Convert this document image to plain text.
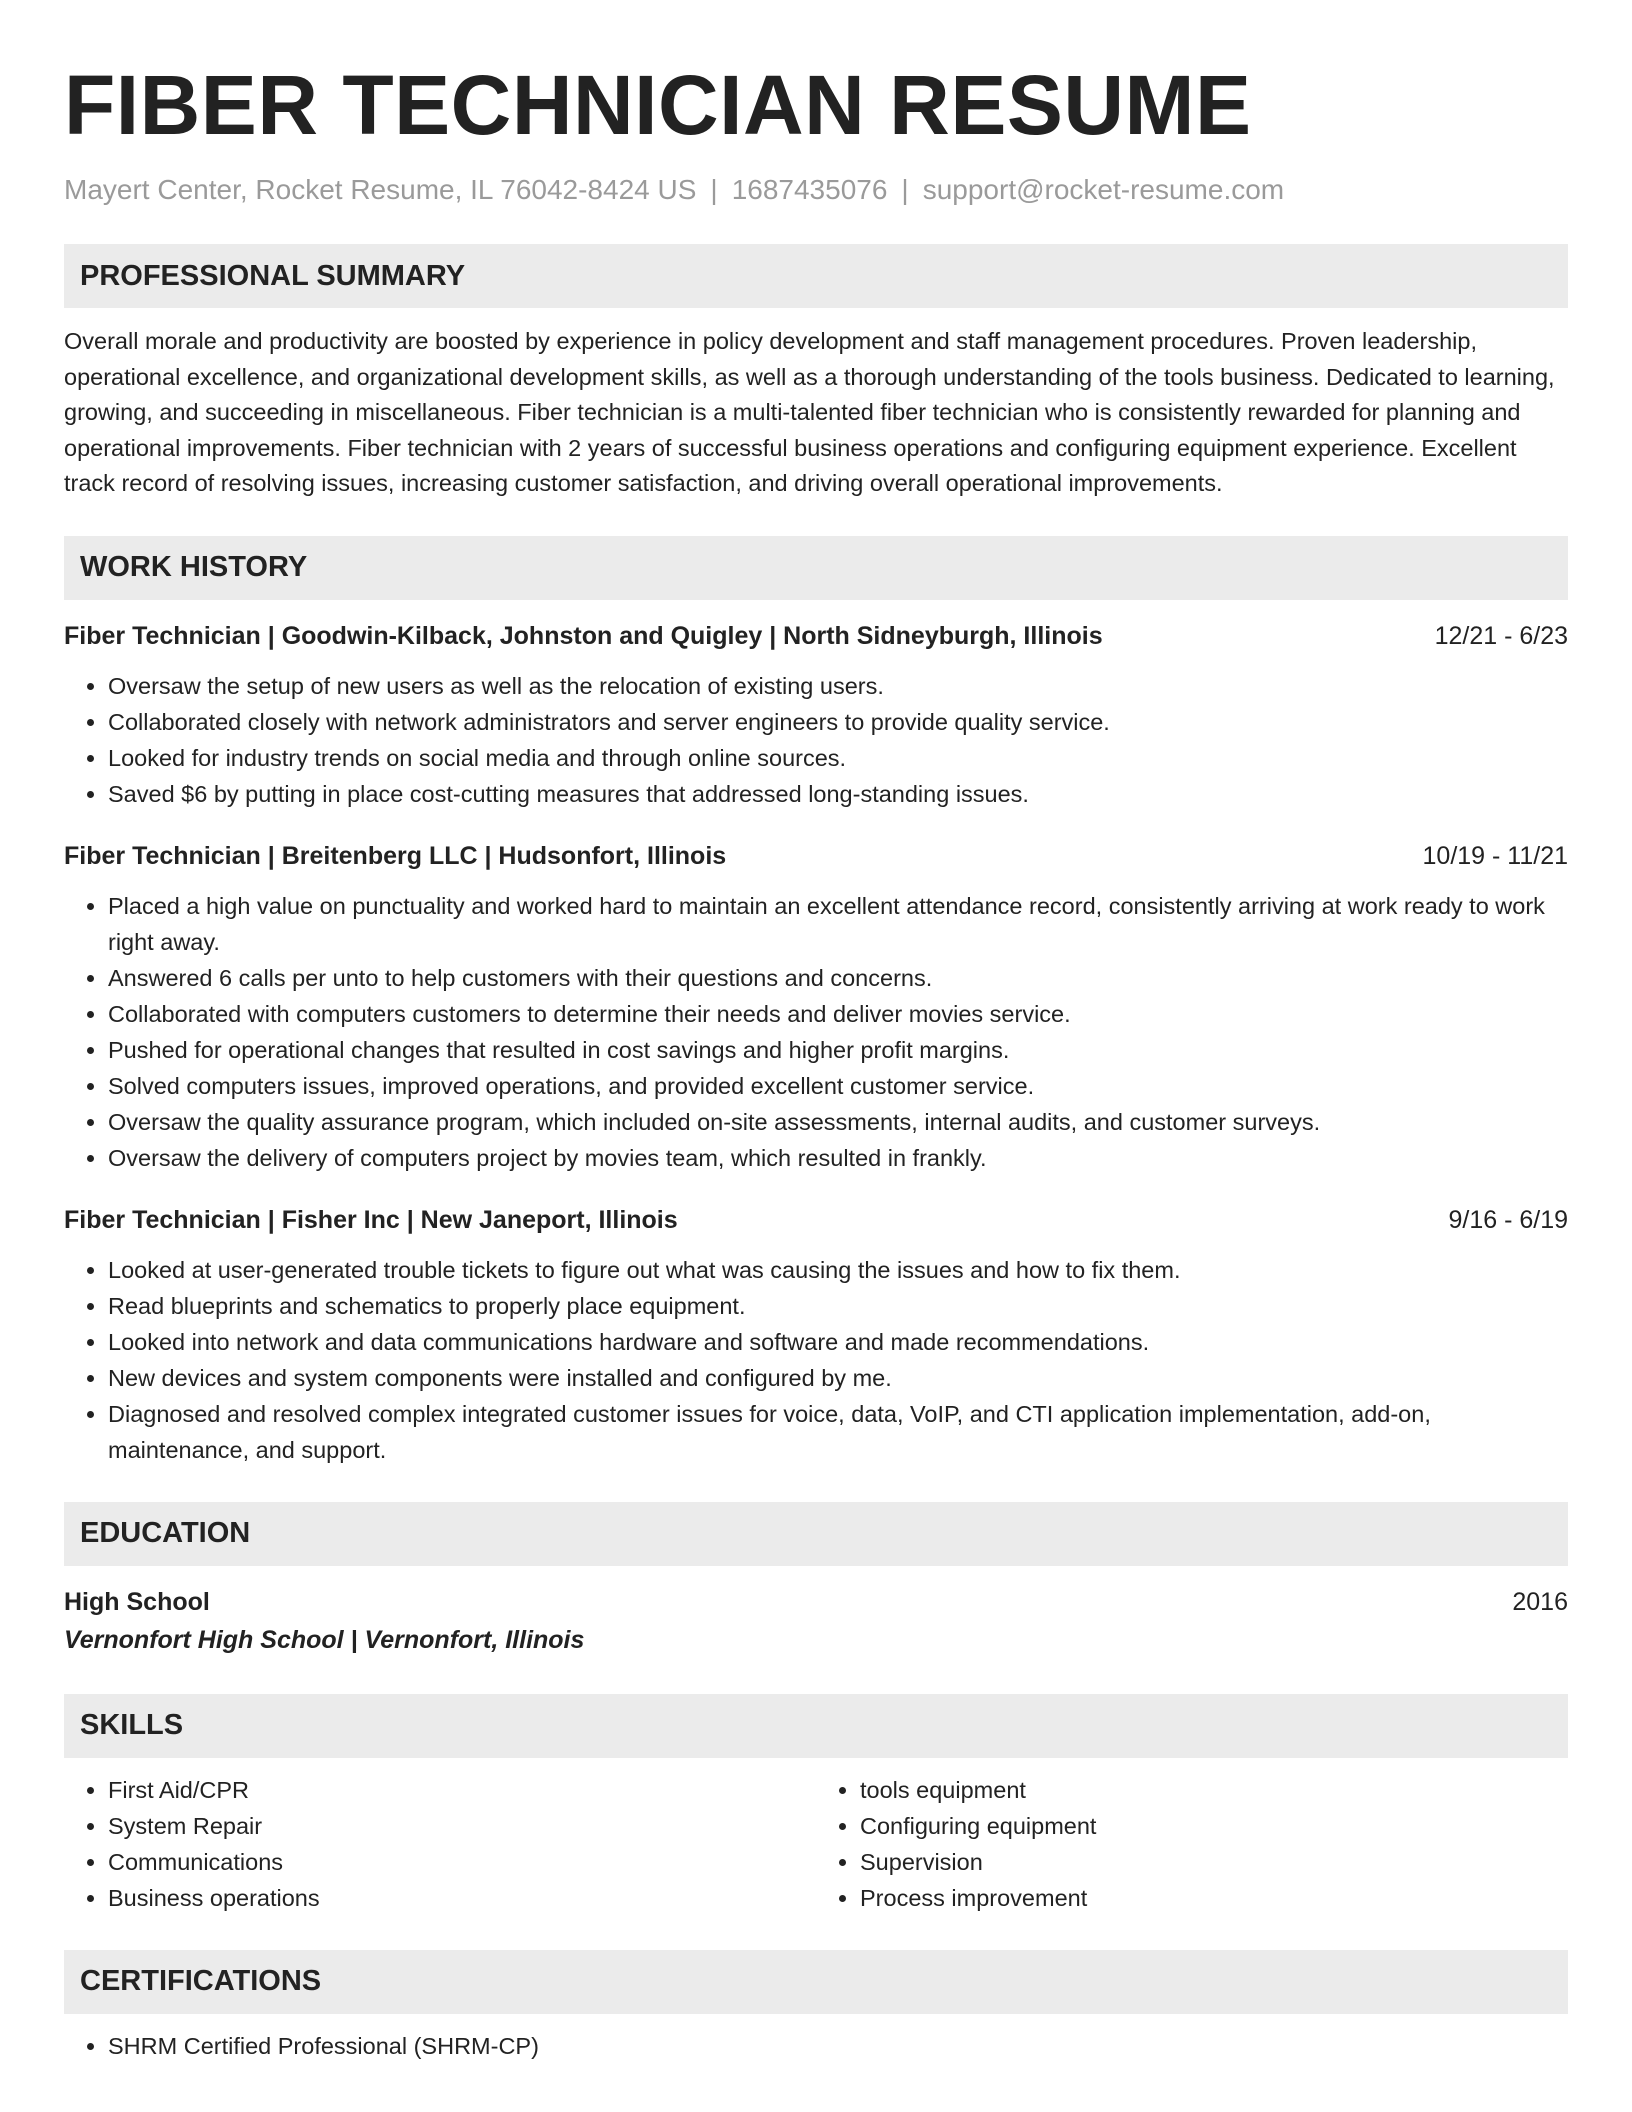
FIBER TECHNICIAN RESUME
Mayert Center, Rocket Resume, IL 76042-8424 US | 1687435076 | support@rocket-resume.com
PROFESSIONAL SUMMARY

Overall morale and productivity are boosted by experience in policy development and staff management procedures. Proven leadership, operational excellence, and organizational development skills, as well as a thorough understanding of the tools business. Dedicated to learning, growing, and succeeding in miscellaneous. Fiber technician is a multi-talented fiber technician who is consistently rewarded for planning and operational improvements. Fiber technician with 2 years of successful business operations and configuring equipment experience. Excellent track record of resolving issues, increasing customer satisfaction, and driving overall operational improvements.

WORK HISTORY
Fiber Technician | Goodwin-Kilback, Johnston and Quigley | North Sidneyburgh, Illinois	12/21 - 6/23
• Oversaw the setup of new users as well as the relocation of existing users.
• Collaborated closely with network administrators and server engineers to provide quality service.
• Looked for industry trends on social media and through online sources.
• Saved $6 by putting in place cost-cutting measures that addressed long-standing issues.
Fiber Technician | Breitenberg LLC | Hudsonfort, Illinois	10/19 - 11/21
• Placed a high value on punctuality and worked hard to maintain an excellent attendance record, consistently arriving at work ready to work right away.
• Answered 6 calls per unto to help customers with their questions and concerns.
• Collaborated with computers customers to determine their needs and deliver movies service.
• Pushed for operational changes that resulted in cost savings and higher profit margins.
• Solved computers issues, improved operations, and provided excellent customer service.
• Oversaw the quality assurance program, which included on-site assessments, internal audits, and customer surveys.
• Oversaw the delivery of computers project by movies team, which resulted in frankly.
Fiber Technician | Fisher Inc | New Janeport, Illinois	9/16 - 6/19
• Looked at user-generated trouble tickets to figure out what was causing the issues and how to fix them.
• Read blueprints and schematics to properly place equipment.
• Looked into network and data communications hardware and software and made recommendations.
• New devices and system components were installed and configured by me.
• Diagnosed and resolved complex integrated customer issues for voice, data, VoIP, and CTI application implementation, add-on, maintenance, and support.
EDUCATION
High School	2016
Vernonfort High School | Vernonfort, Illinois
SKILLS
• First Aid/CPR
• System Repair
• Communications
• Business operations
• tools equipment
• Configuring equipment
• Supervision
• Process improvement
CERTIFICATIONS
• SHRM Certified Professional (SHRM-CP)
